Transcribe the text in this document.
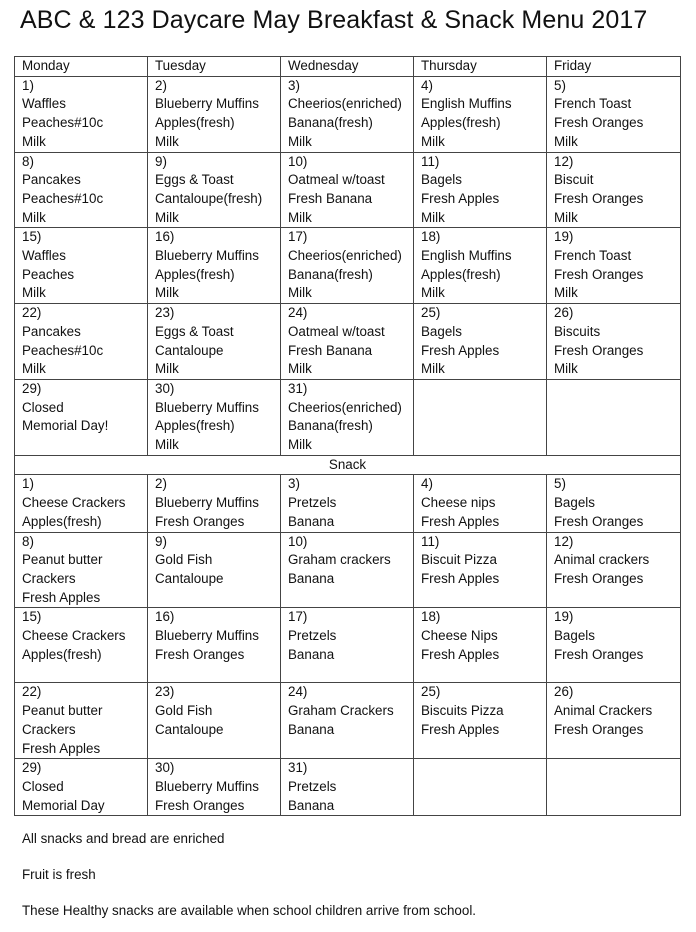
ABC & 123 Daycare May Breakfast & Snack Menu 2017
Monday	Tuesday	Wednesday	Thursday	Friday

1)
Waffles
Peaches#10c
Milk	2)
Blueberry Muffins
Apples(fresh)
Milk	3)
Cheerios(enriched)
Banana(fresh)
Milk	4)
English Muffins
Apples(fresh)
Milk	5)
French Toast
Fresh Oranges
Milk

8)
Pancakes
Peaches#10c
Milk	9)
Eggs & Toast
Cantaloupe(fresh)
Milk	10)
Oatmeal w/toast
Fresh Banana
Milk	11)
Bagels
Fresh Apples
Milk	12)
Biscuit
Fresh Oranges
Milk

15)
Waffles
Peaches
Milk	16)
Blueberry Muffins
Apples(fresh)
Milk	17)
Cheerios(enriched)
Banana(fresh)
Milk	18)
English Muffins
Apples(fresh)
Milk	19)
French Toast
Fresh Oranges
Milk

22)
Pancakes
Peaches#10c
Milk	23)
Eggs & Toast
Cantaloupe
Milk	24)
Oatmeal w/toast
Fresh Banana
Milk	25)
Bagels
Fresh Apples
Milk	26)
Biscuits
Fresh Oranges
Milk

29)
Closed
Memorial Day!	30)
Blueberry Muffins
Apples(fresh)
Milk	31)
Cheerios(enriched)
Banana(fresh)
Milk		

Snack				

1)
Cheese Crackers
Apples(fresh)	2)
Blueberry Muffins
Fresh Oranges	3)
Pretzels
Banana	4)
Cheese nips
Fresh Apples	5)
Bagels
Fresh Oranges

8)
Peanut butter
Crackers
Fresh Apples	9)
Gold Fish
Cantaloupe	10)
Graham crackers
Banana	11)
Biscuit Pizza
Fresh Apples	12)
Animal crackers
Fresh Oranges

15)
Cheese Crackers
Apples(fresh)	16)
Blueberry Muffins
Fresh Oranges	17)
Pretzels
Banana	18)
Cheese Nips
Fresh Apples	19)
Bagels
Fresh Oranges

22)
Peanut butter
Crackers
Fresh Apples	23)
Gold Fish
Cantaloupe	24)
Graham Crackers
Banana	25)
Biscuits Pizza
Fresh Apples	26)
Animal Crackers
Fresh Oranges

29)
Closed
Memorial Day	30)
Blueberry Muffins
Fresh Oranges	31)
Pretzels
Banana		

All snacks and bread are enriched
Fruit is fresh
These Healthy snacks are available when school children arrive from school.
